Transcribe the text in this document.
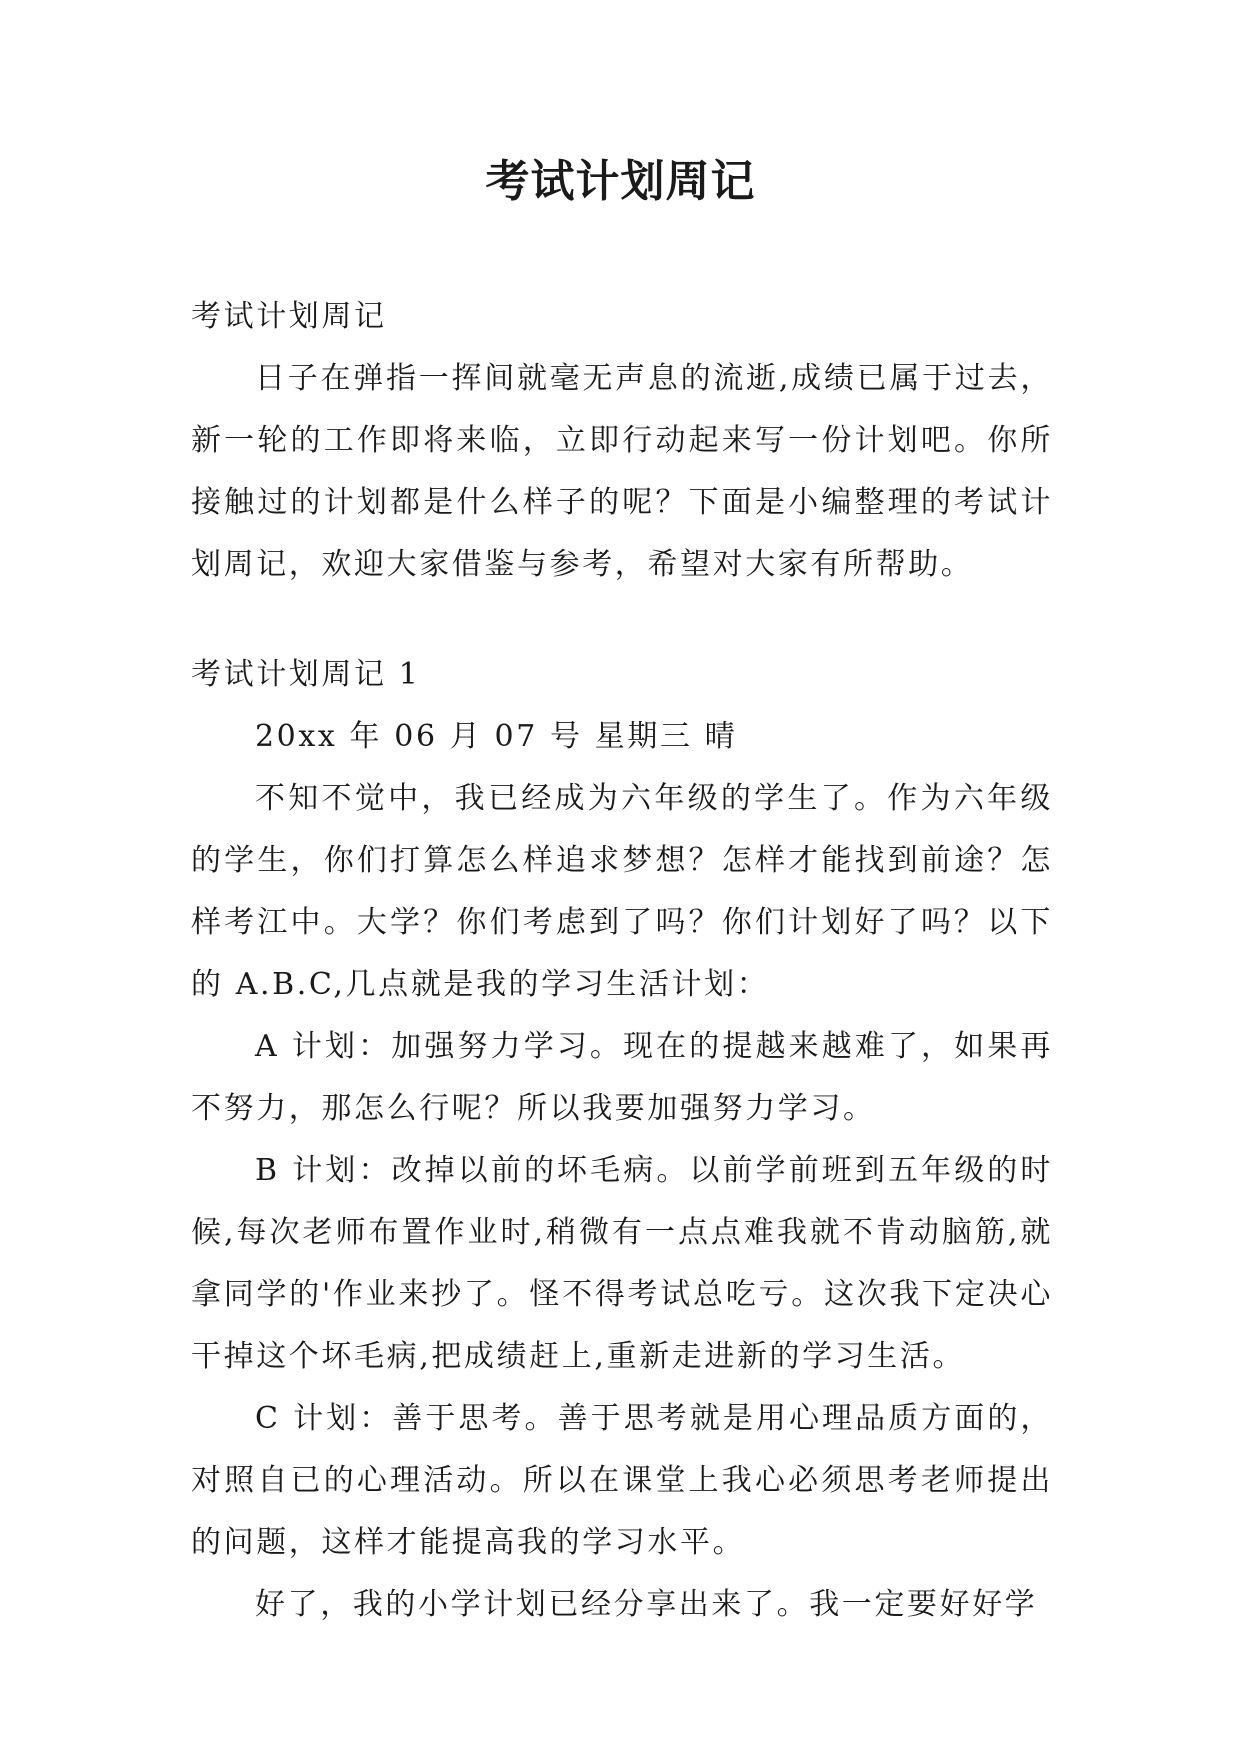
考试计划周记

考试计划周记

日子在弹指一挥间就毫无声息的流逝,成绩已属于过去，新一轮的工作即将来临，立即行动起来写一份计划吧。你所接触过的计划都是什么样子的呢？下面是小编整理的考试计划周记，欢迎大家借鉴与参考，希望对大家有所帮助。

考试计划周记 1

20xx 年 06 月 07 号 星期三 晴

不知不觉中，我已经成为六年级的学生了。作为六年级的学生，你们打算怎么样追求梦想？怎样才能找到前途？怎样考江中。大学？你们考虑到了吗？你们计划好了吗？以下的 A.B.C,几点就是我的学习生活计划：

A 计划：加强努力学习。现在的提越来越难了，如果再不努力，那怎么行呢？所以我要加强努力学习。

B 计划：改掉以前的坏毛病。以前学前班到五年级的时候,每次老师布置作业时,稍微有一点点难我就不肯动脑筋,就拿同学的'作业来抄了。怪不得考试总吃亏。这次我下定决心干掉这个坏毛病,把成绩赶上,重新走进新的学习生活。

C 计划：善于思考。善于思考就是用心理品质方面的，对照自已的心理活动。所以在课堂上我心必须思考老师提出的问题，这样才能提高我的学习水平。

好了，我的小学计划已经分享出来了。我一定要好好学
